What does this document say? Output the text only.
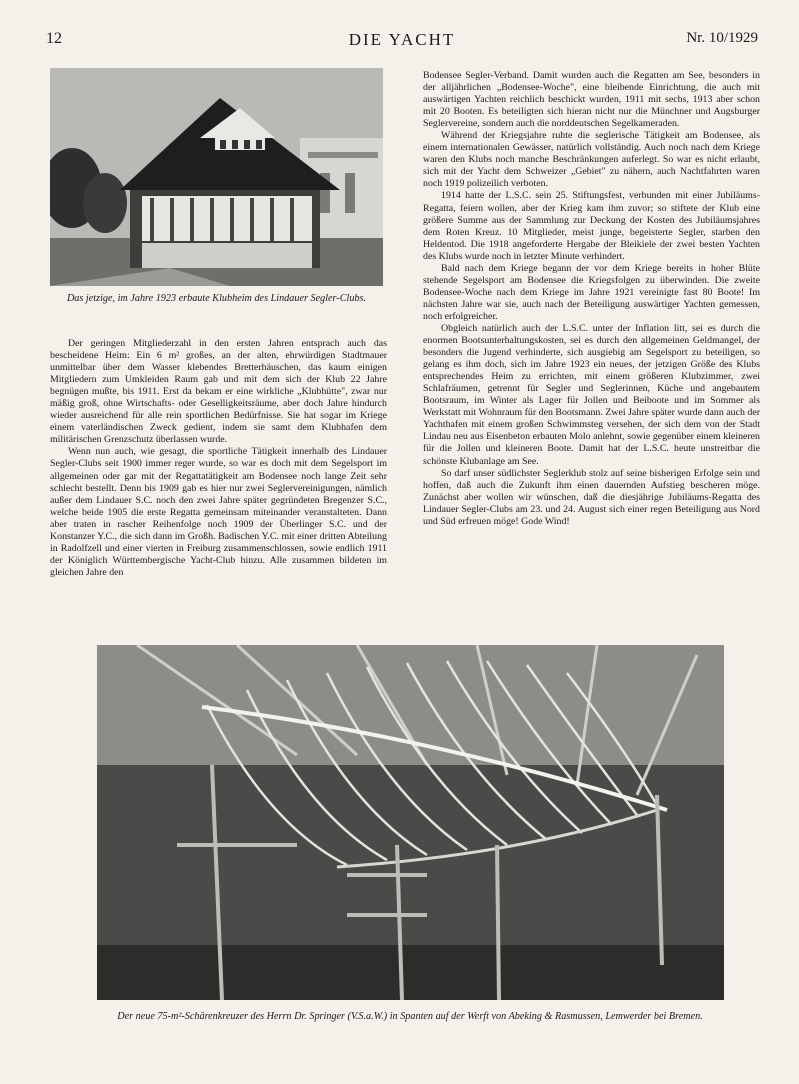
12	DIE YACHT	Nr. 10/1929

Das jetzige, im Jahre 1923 erbaute Klubheim des Lindauer Segler-Clubs.

Der geringen Mitgliederzahl in den ersten Jahren entsprach auch das bescheidene Heim: Ein 6 m² großes, an der alten, ehrwürdigen Stadtmauer unmittelbar über dem Wasser klebendes Bretterhäuschen, das kaum einigen Mitgliedern zum Umkleiden Raum gab und mit dem sich der Klub 22 Jahre begnügen mußte, bis 1911. Erst da bekam er eine wirkliche „Klubhütte", zwar nur mäßig groß, ohne Wirtschafts- oder Geselligkeitsräume, aber doch Jahre hindurch wieder ausreichend für alle rein sportlichen Bedürfnisse. Sie hat sogar im Kriege einem vaterländischen Zweck gedient, indem sie samt dem Klubhafen dem militärischen Grenzschutz überlassen wurde.

Wenn nun auch, wie gesagt, die sportliche Tätigkeit innerhalb des Lindauer Segler-Clubs seit 1900 immer reger wurde, so war es doch mit dem Segelsport im allgemeinen oder gar mit der Regattatätigkeit am Bodensee noch lange Zeit sehr schlecht bestellt. Denn bis 1909 gab es hier nur zwei Seglervereinigungen, nämlich außer dem Lindauer S.C. noch den zwei Jahre später gegründeten Bregenzer S.C., welche beide 1905 die erste Regatta gemeinsam miteinander veranstalteten. Dann aber traten in rascher Reihenfolge noch 1909 der Überlinger S.C. und der Konstanzer Y.C., die sich dann im Großh. Badischen Y.C. mit einer dritten Abteilung in Radolfzell und einer vierten in Freiburg zusammenschlossen, sowie endlich 1911 der Königlich Württembergische Yacht-Club hinzu. Alle zusammen bildeten im gleichen Jahre den

Bodensee Segler-Verband. Damit wurden auch die Regatten am See, besonders in der alljährlichen „Bodensee-Woche", eine bleibende Einrichtung, die auch mit auswärtigen Yachten reichlich beschickt wurden, 1911 mit sechs, 1913 aber schon mit 20 Booten. Es beteiligten sich hieran nicht nur die Münchner und Augsburger Seglervereine, sondern auch die norddeutschen Segelkameraden.

Während der Kriegsjahre ruhte die seglerische Tätigkeit am Bodensee, als einem internationalen Gewässer, natürlich vollständig. Auch noch nach dem Kriege waren den Klubs noch manche Beschränkungen auferlegt. So war es nicht erlaubt, sich mit der Yacht dem Schweizer „Gebiet" zu nähern, auch Nachtfahrten waren noch 1919 polizeilich verboten.

1914 hatte der L.S.C. sein 25. Stiftungsfest, verbunden mit einer Jubiläums-Regatta, feiern wollen, aber der Krieg kam ihm zuvor; so stiftete der Klub eine größere Summe aus der Sammlung zur Deckung der Kosten des Jubiläumsjahres dem Roten Kreuz. 10 Mitglieder, meist junge, begeisterte Segler, starben den Heldentod. Die 1918 angeforderte Hergabe der Bleikiele der zwei besten Yachten des Klubs wurde noch in letzter Minute verhindert.

Bald nach dem Kriege begann der vor dem Kriege bereits in hoher Blüte stehende Segelsport am Bodensee die Kriegsfolgen zu überwinden. Die zweite Bodensee-Woche nach dem Kriege im Jahre 1921 vereinigte fast 80 Boote! Im nächsten Jahre war sie, auch nach der Beteiligung auswärtiger Yachten gemessen, noch erfolgreicher.

Obgleich natürlich auch der L.S.C. unter der Inflation litt, sei es durch die enormen Bootsunterhaltungskosten, sei es durch den allgemeinen Geldmangel, der besonders die Jugend verhinderte, sich ausgiebig am Segelsport zu beteiligen, so gelang es ihm doch, sich im Jahre 1923 ein neues, der jetzigen Größe des Klubs entsprechendes Heim zu errichten, mit einem größeren Klubzimmer, zwei Schlafräumen, getrennt für Segler und Seglerinnen, Küche und angebautem Bootsraum, im Winter als Lager für Jollen und Beiboote und im Sommer als Werkstatt mit Wohnraum für den Bootsmann. Zwei Jahre später wurde dann auch der Yachthafen mit einem großen Schwimmsteg versehen, der sich dem von der Stadt Lindau neu aus Eisenbeton erbauten Molo anlehnt, sowie gegenüber einem kleineren für die Jollen und kleineren Boote. Damit hat der L.S.C. heute unstreitbar die schönste Klubanlage am See.

So darf unser südlichster Seglerklub stolz auf seine bisherigen Erfolge sein und hoffen, daß auch die Zukunft ihm einen dauernden Aufstieg bescheren möge. Zunächst aber wollen wir wünschen, daß die diesjährige Jubiläums-Regatta des Lindauer Segler-Clubs am 23. und 24. August sich einer regen Beteiligung aus Nord und Süd erfreuen möge! Gode Wind!

Der neue 75-m²-Schärenkreuzer des Herrn Dr. Springer (V.S.a.W.) in Spanten auf der Werft von Abeking & Rasmussen, Lemwerder bei Bremen.
